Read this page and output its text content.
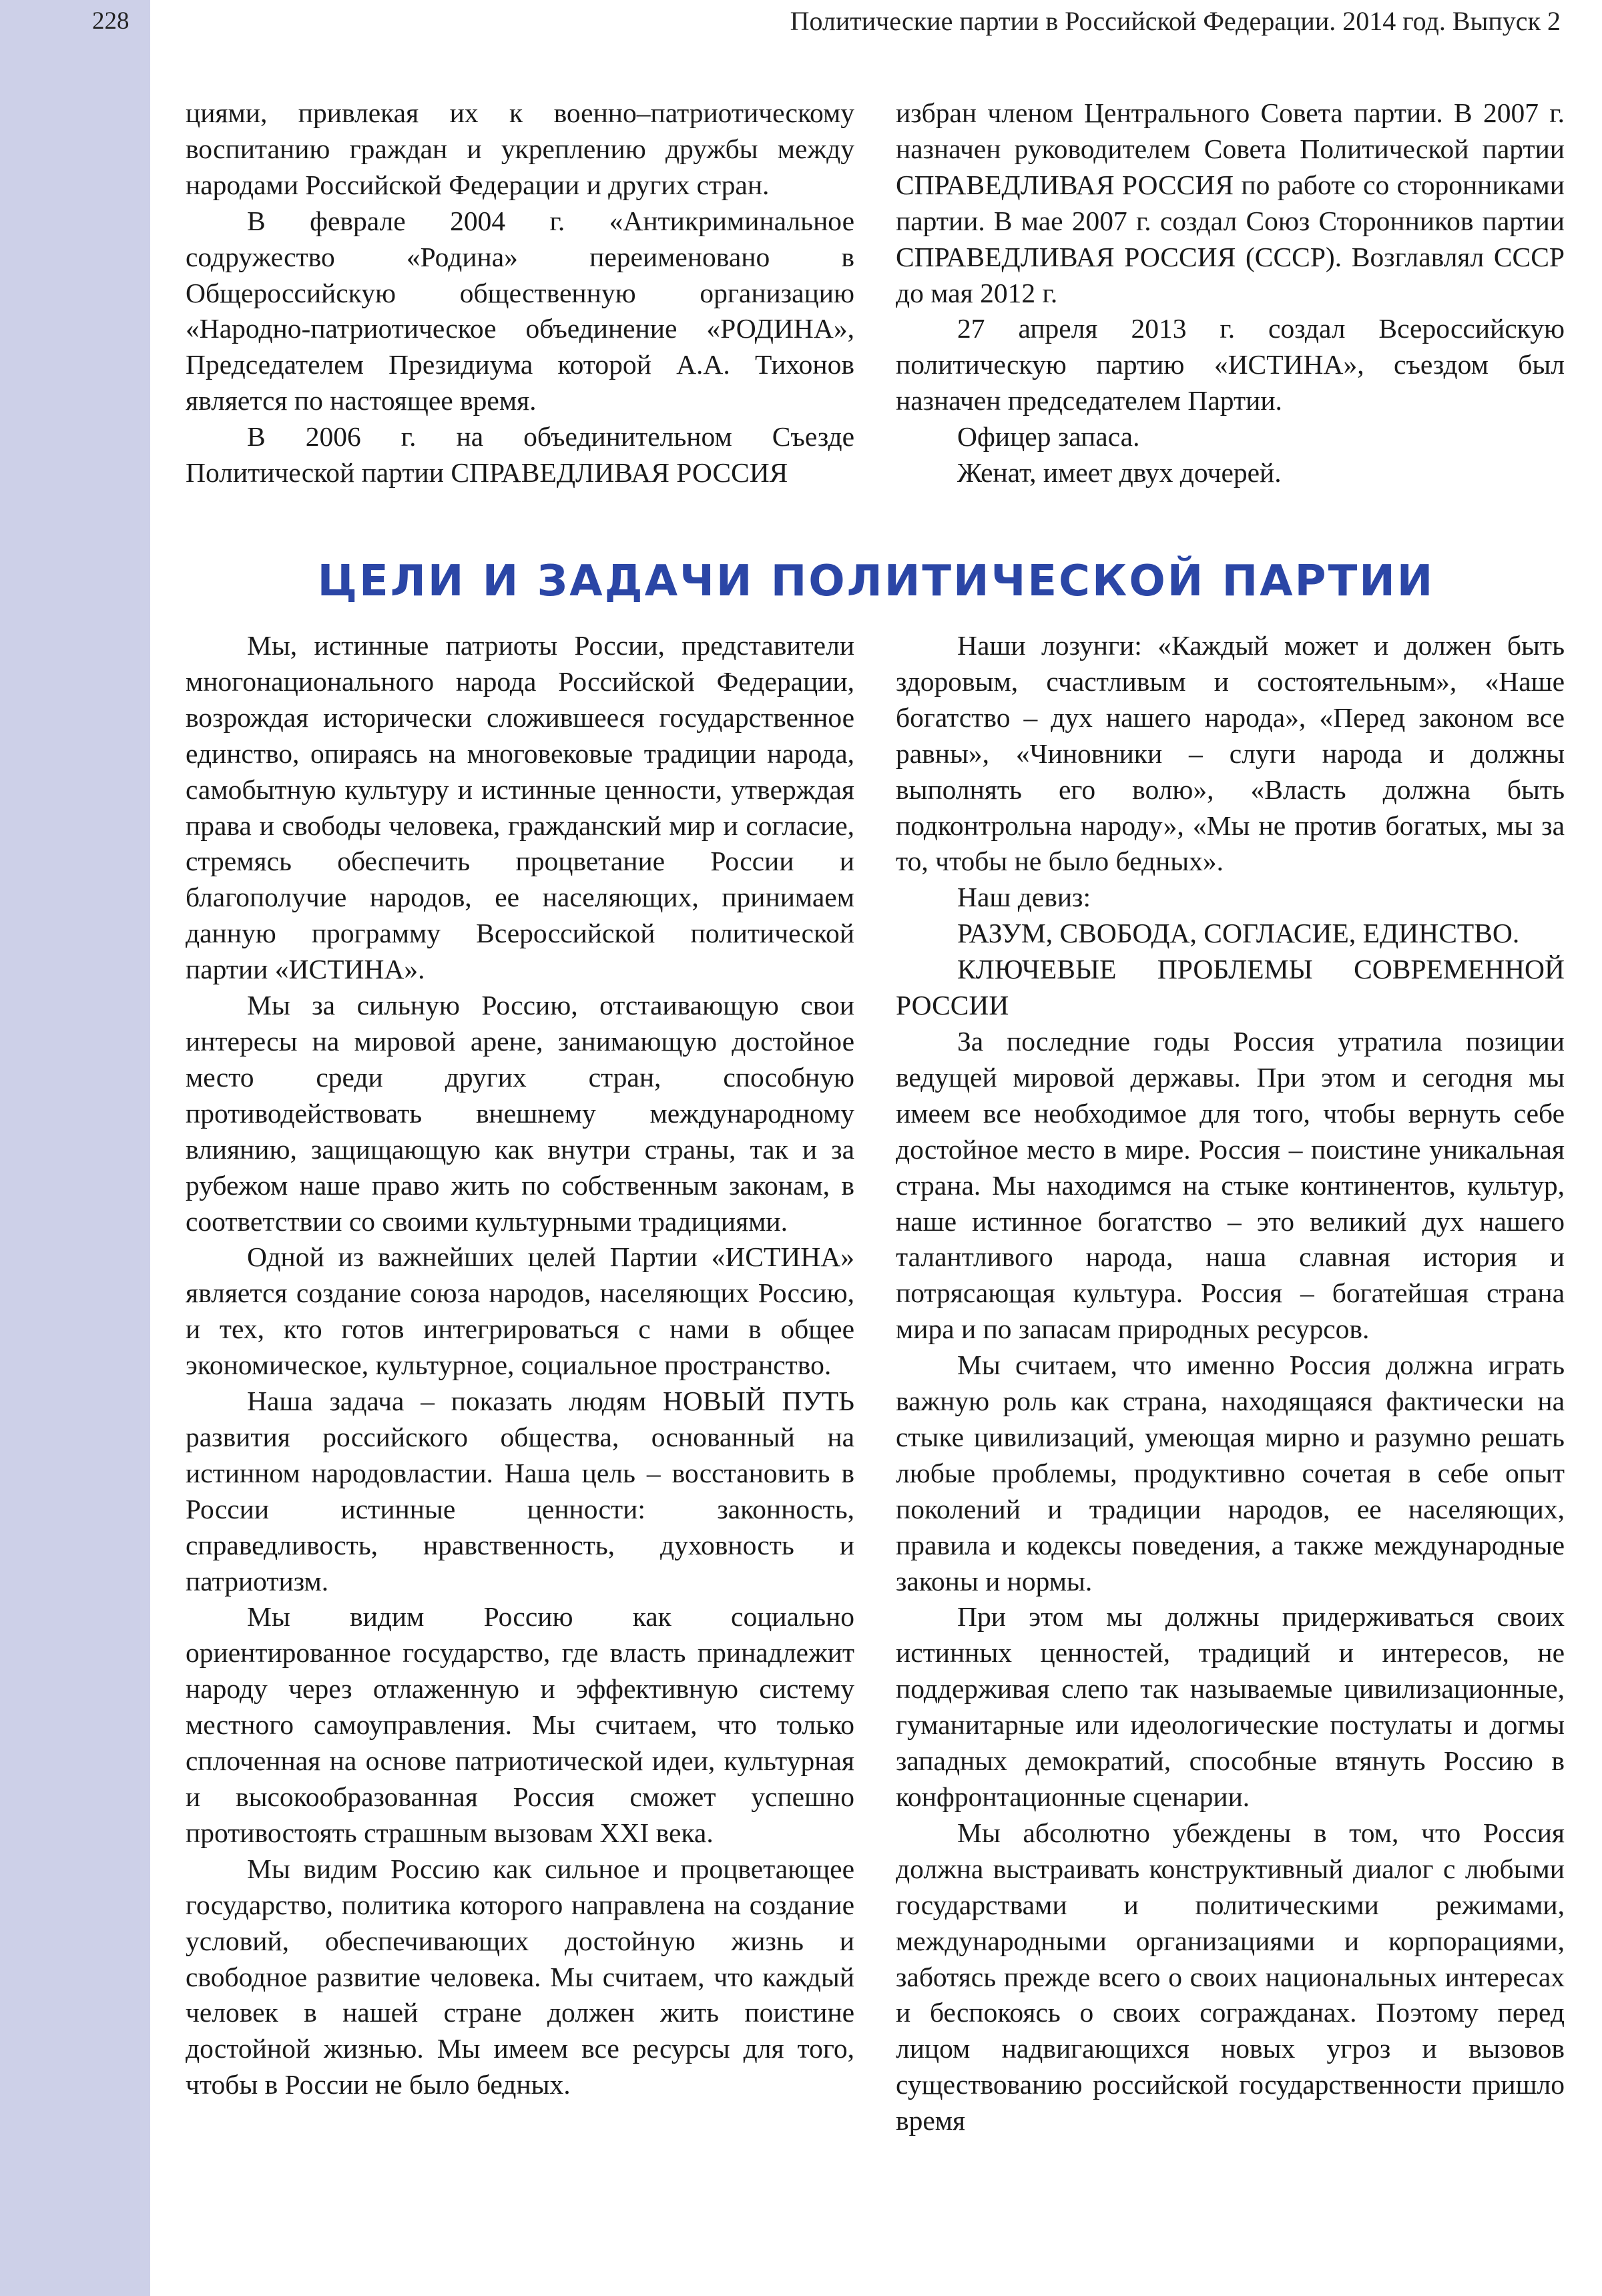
228	Политические партии в Российской Федерации. 2014 год. Выпуск 2

циями, привлекая их к военно–патриотическому воспитанию граждан и укреплению дружбы между народами Российской Федерации и других стран.

В феврале 2004 г. «Антикриминальное содружество «Родина» переименовано в Общероссийскую общественную организацию «Народно-патриотическое объединение «РОДИНА», Председателем Президиума которой А.А. Тихонов является по настоящее время.

В 2006 г. на объединительном Съезде Политической партии СПРАВЕДЛИВАЯ РОССИЯ

избран членом Центрального Совета партии. В 2007 г. назначен руководителем Совета Политической партии СПРАВЕДЛИВАЯ РОССИЯ по работе со сторонниками партии. В мае 2007 г. создал Союз Сторонников партии СПРАВЕДЛИВАЯ РОССИЯ (СССР). Возглавлял СССР до мая 2012 г.

27 апреля 2013 г. создал Всероссийскую политическую партию «ИСТИНА», съездом был назначен председателем Партии.

Офицер запаса.

Женат, имеет двух дочерей.

ЦЕЛИ И ЗАДАЧИ ПОЛИТИЧЕСКОЙ ПАРТИИ

Мы, истинные патриоты России, представители многонационального народа Российской Федерации, возрождая исторически сложившееся государственное единство, опираясь на многовековые традиции народа, самобытную культуру и истинные ценности, утверждая права и свободы человека, гражданский мир и согласие, стремясь обеспечить процветание России и благополучие народов, ее населяющих, принимаем данную программу Всероссийской политической партии «ИСТИНА».

Мы за сильную Россию, отстаивающую свои интересы на мировой арене, занимающую достойное место среди других стран, способную противодействовать внешнему международному влиянию, защищающую как внутри страны, так и за рубежом наше право жить по собственным законам, в соответствии со своими культурными традициями.

Одной из важнейших целей Партии «ИСТИНА» является создание союза народов, населяющих Россию, и тех, кто готов интегрироваться с нами в общее экономическое, культурное, социальное пространство.

Наша задача – показать людям НОВЫЙ ПУТЬ развития российского общества, основанный на истинном народовластии. Наша цель – восстановить в России истинные ценности: законность, справедливость, нравственность, духовность и патриотизм.

Мы видим Россию как социально ориентированное государство, где власть принадлежит народу через отлаженную и эффективную систему местного самоуправления. Мы считаем, что только сплоченная на основе патриотической идеи, культурная и высокообразованная Россия сможет успешно противостоять страшным вызовам XXI века.

Мы видим Россию как сильное и процветающее государство, политика которого направлена на создание условий, обеспечивающих достойную жизнь и свободное развитие человека. Мы считаем, что каждый человек в нашей стране должен жить поистине достойной жизнью. Мы имеем все ресурсы для того, чтобы в России не было бедных.

Наши лозунги: «Каждый может и должен быть здоровым, счастливым и состоятельным», «Наше богатство – дух нашего народа», «Перед законом все равны», «Чиновники – слуги народа и должны выполнять его волю», «Власть должна быть подконтрольна народу», «Мы не против богатых, мы за то, чтобы не было бедных».

Наш девиз:

РАЗУМ, СВОБОДА, СОГЛАСИЕ, ЕДИНСТВО.

КЛЮЧЕВЫЕ ПРОБЛЕМЫ СОВРЕМЕННОЙ РОССИИ

За последние годы Россия утратила позиции ведущей мировой державы. При этом и сегодня мы имеем все необходимое для того, чтобы вернуть себе достойное место в мире. Россия – поистине уникальная страна. Мы находимся на стыке континентов, культур, наше истинное богатство – это великий дух нашего талантливого народа, наша славная история и потрясающая культура. Россия – богатейшая страна мира и по запасам природных ресурсов.

Мы считаем, что именно Россия должна играть важную роль как страна, находящаяся фактически на стыке цивилизаций, умеющая мирно и разумно решать любые проблемы, продуктивно сочетая в себе опыт поколений и традиции народов, ее населяющих, правила и кодексы поведения, а также международные законы и нормы.

При этом мы должны придерживаться своих истинных ценностей, традиций и интересов, не поддерживая слепо так называемые цивилизационные, гуманитарные или идеологические постулаты и догмы западных демократий, способные втянуть Россию в конфронтационные сценарии.

Мы абсолютно убеждены в том, что Россия должна выстраивать конструктивный диалог с любыми государствами и политическими режимами, международными организациями и корпорациями, заботясь прежде всего о своих национальных интересах и беспокоясь о своих согражданах. Поэтому перед лицом надвигающихся новых угроз и вызовов существованию российской государственности пришло время
